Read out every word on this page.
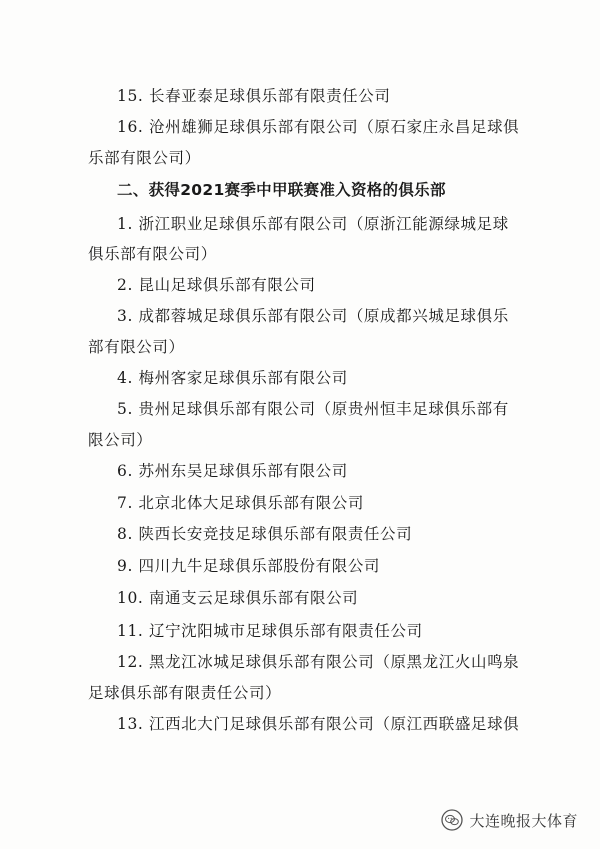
15. 长春亚泰足球俱乐部有限责任公司
16. 沧州雄狮足球俱乐部有限公司（原石家庄永昌足球俱
乐部有限公司）
二、获得2021赛季中甲联赛准入资格的俱乐部
1. 浙江职业足球俱乐部有限公司（原浙江能源绿城足球
俱乐部有限公司）
2. 昆山足球俱乐部有限公司
3. 成都蓉城足球俱乐部有限公司（原成都兴城足球俱乐
部有限公司）
4. 梅州客家足球俱乐部有限公司
5. 贵州足球俱乐部有限公司（原贵州恒丰足球俱乐部有
限公司）
6. 苏州东吴足球俱乐部有限公司
7. 北京北体大足球俱乐部有限公司
8. 陕西长安竞技足球俱乐部有限责任公司
9. 四川九牛足球俱乐部股份有限公司
10. 南通支云足球俱乐部有限公司
11. 辽宁沈阳城市足球俱乐部有限责任公司
12. 黑龙江冰城足球俱乐部有限公司（原黑龙江火山鸣泉
足球俱乐部有限责任公司）
13. 江西北大门足球俱乐部有限公司（原江西联盛足球俱
大连晚报大体育
